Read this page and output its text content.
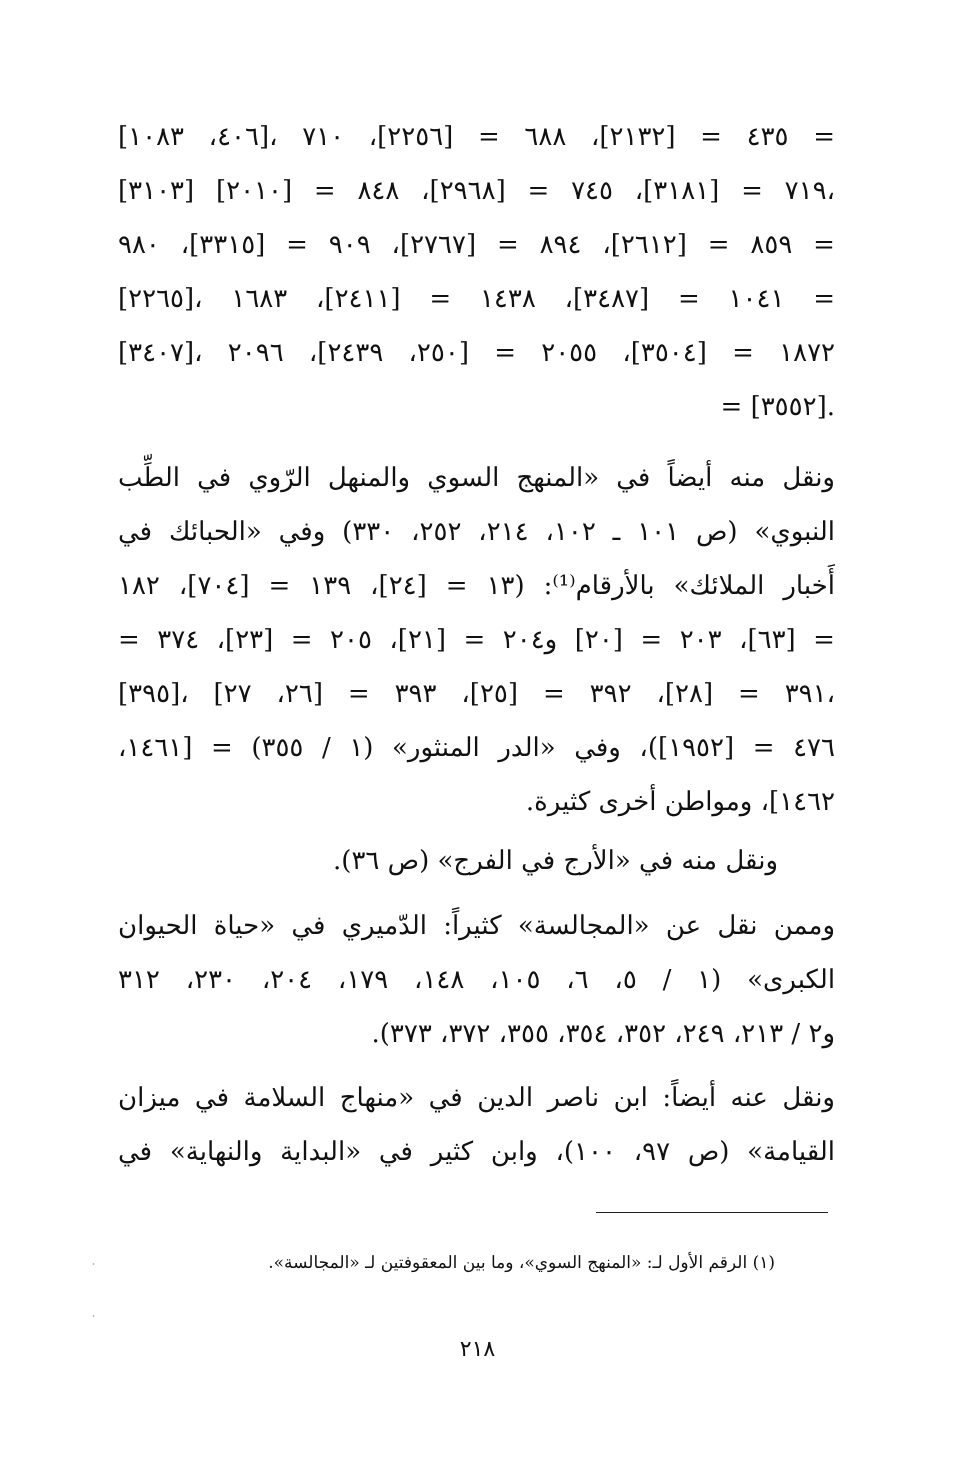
[٤٠٦، ١٠٨٣]، ٤٣٥ = [٢١٣٢]، ٦٨٨ = [٢٢٥٦]، ٧١٠ =
[٣١٠٣] ٧١٩ = [٣١٨١]، ٧٤٥ = [٢٩٦٨]، ٨٤٨ = [٢٠١٠]،
٨٥٩ = [٢٦١٢]، ٨٩٤ = [٢٧٦٧]، ٩٠٩ = [٣٣١٥]، ٩٨٠ =
[٢٢٦٥]، ١٠٤١ = [٣٤٨٧]، ١٤٣٨ = [٢٤١١]، ١٦٨٣ =
[٣٤٠٧]، ١٨٧٢ = [٣٥٠٤]، ٢٠٥٥ = [٢٥٠، ٢٤٣٩]، ٢٠٩٦
= [٣٥٥٢].
ونقل منه أيضاً في «المنهج السوي والمنهل الرّوي في الطِّب
النبوي» (ص ١٠١ ـ ١٠٢، ٢١٤، ٢٥٢، ٣٣٠) وفي «الحبائك في
أَخبار الملائك» بالأرقام⁽¹⁾: (١٣ = [٢٤]، ١٣٩ = [٧٠٤]، ١٨٢
= [٦٣]، ٢٠٣ = [٢٠] و٢٠٤ = [٢١]، ٢٠٥ = [٢٣]، ٣٧٤ =
[٣٩٥]، ٣٩١ = [٢٨]، ٣٩٢ = [٢٥]، ٣٩٣ = [٢٦، ٢٧]،
٤٧٦ = [١٩٥٢])، وفي «الدر المنثور» (١ / ٣٥٥) = [١٤٦١،
١٤٦٢]، ومواطن أخرى كثيرة.
ونقل منه في «الأرج في الفرج» (ص ٣٦).
وممن نقل عن «المجالسة» كثيراً: الدّميري في «حياة الحيوان
الكبرى» (١ / ٥، ٦، ١٠٥، ١٤٨، ١٧٩، ٢٠٤، ٢٣٠، ٣١٢
و٢ / ٢١٣، ٢٤٩، ٣٥٢، ٣٥٤، ٣٥٥، ٣٧٢، ٣٧٣).
ونقل عنه أيضاً: ابن ناصر الدين في «منهاج السلامة في ميزان
القيامة» (ص ٩٧، ١٠٠)، وابن كثير في «البداية والنهاية» في
(١) الرقم الأول لـ: «المنهج السوي»، وما بين المعقوفتين لـ «المجالسة».
٢١٨
